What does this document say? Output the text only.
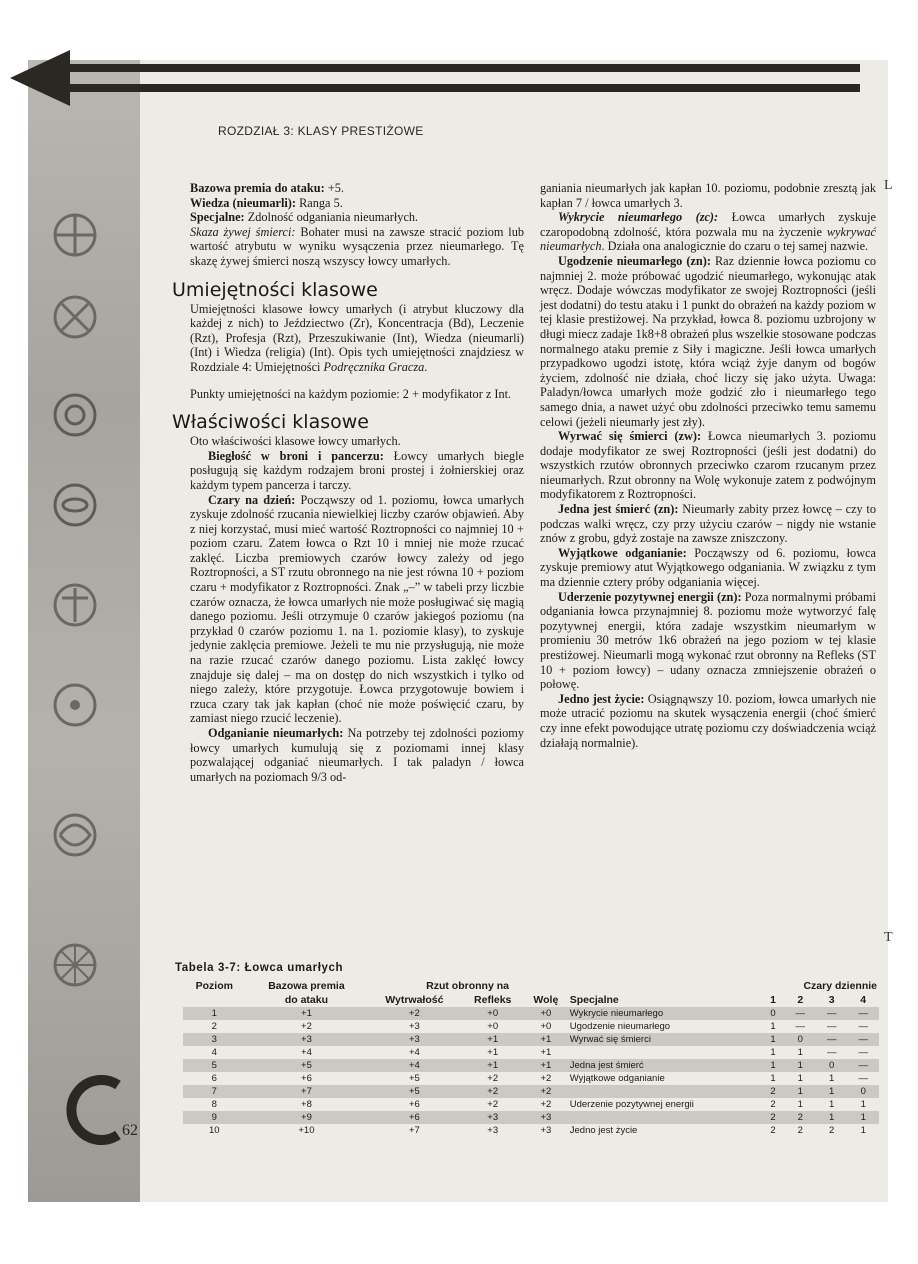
ROZDZIAŁ 3: KLASY PRESTIŻOWE

Bazowa premia do ataku: +5.

Wiedza (nieumarli): Ranga 5.

Specjalne: Zdolność odganiania nieumarłych.

Skaza żywej śmierci: Bohater musi na zawsze stracić poziom lub wartość atrybutu w wyniku wysączenia przez nieumarłego. Tę skazę żywej śmierci noszą wszyscy łowcy umarłych.

Umiejętności klasowe

Umiejętności klasowe łowcy umarłych (i atrybut kluczowy dla każdej z nich) to Jeździectwo (Zr), Koncentracja (Bd), Leczenie (Rzt), Profesja (Rzt), Przeszukiwanie (Int), Wiedza (nieumarli) (Int) i Wiedza (religia) (Int). Opis tych umiejętności znajdziesz w Rozdziale 4: Umiejętności Podręcznika Gracza.

Punkty umiejętności na każdym poziomie: 2 + modyfikator z Int.

Właściwości klasowe

Oto właściwości klasowe łowcy umarłych.

Biegłość w broni i pancerzu: Łowcy umarłych biegle posługują się każdym rodzajem broni prostej i żołnierskiej oraz każdym typem pancerza i tarczy.

Czary na dzień: Począwszy od 1. poziomu, łowca umarłych zyskuje zdolność rzucania niewielkiej liczby czarów objawień. Aby z niej korzystać, musi mieć wartość Roztropności co najmniej 10 + poziom czaru. Zatem łowca o Rzt 10 i mniej nie może rzucać zaklęć. Liczba premiowych czarów łowcy zależy od jego Roztropności, a ST rzutu obronnego na nie jest równa 10 + poziom czaru + modyfikator z Roztropności. Znak „–” w tabeli przy liczbie czarów oznacza, że łowca umarłych nie może posługiwać się magią danego poziomu. Jeśli otrzymuje 0 czarów jakiegoś poziomu (na przykład 0 czarów poziomu 1. na 1. poziomie klasy), to zyskuje jedynie zaklęcia premiowe. Jeżeli te mu nie przysługują, nie może na razie rzucać czarów danego poziomu. Lista zaklęć łowcy znajduje się dalej – ma on dostęp do nich wszystkich i tylko od niego zależy, które przygotuje. Łowca przygotowuje bowiem i rzuca czary tak jak kapłan (choć nie może poświęcić czaru, by zamiast niego rzucić leczenie).

Odganianie nieumarłych: Na potrzeby tej zdolności poziomy łowcy umarłych kumulują się z poziomami innej klasy pozwalającej odganiać nieumarłych. I tak paladyn / łowca umarłych na poziomach 9/3 od-

ganiania nieumarłych jak kapłan 10. poziomu, podobnie zresztą jak kapłan 7 / łowca umarłych 3.

Wykrycie nieumarłego (zc): Łowca umarłych zyskuje czaropodobną zdolność, która pozwala mu na życzenie wykrywać nieumarłych. Działa ona analogicznie do czaru o tej samej nazwie.

Ugodzenie nieumarłego (zn): Raz dziennie łowca poziomu co najmniej 2. może próbować ugodzić nieumarłego, wykonując atak wręcz. Dodaje wówczas modyfikator ze swojej Roztropności (jeśli jest dodatni) do testu ataku i 1 punkt do obrażeń na każdy poziom w tej klasie prestiżowej. Na przykład, łowca 8. poziomu uzbrojony w długi miecz zadaje 1k8+8 obrażeń plus wszelkie stosowane podczas normalnego ataku premie z Siły i magiczne. Jeśli łowca umarłych przypadkowo ugodzi istotę, która wciąż żyje danym od bogów życiem, zdolność nie działa, choć liczy się jako użyta. Uwaga: Paladyn/łowca umarłych może godzić zło i nieumarłego tego samego dnia, a nawet użyć obu zdolności przeciwko temu samemu celowi (jeżeli nieumarły jest zły).

Wyrwać się śmierci (zw): Łowca nieumarłych 3. poziomu dodaje modyfikator ze swej Roztropności (jeśli jest dodatni) do wszystkich rzutów obronnych przeciwko czarom rzucanym przez nieumarłych. Rzut obronny na Wolę wykonuje zatem z podwójnym modyfikatorem z Roztropności.

Jedna jest śmierć (zn): Nieumarły zabity przez łowcę – czy to podczas walki wręcz, czy przy użyciu czarów – nigdy nie wstanie znów z grobu, gdyż zostaje na zawsze zniszczony.

Wyjątkowe odganianie: Począwszy od 6. poziomu, łowca zyskuje premiowy atut Wyjątkowego odganiania. W związku z tym ma dziennie cztery próby odganiania więcej.

Uderzenie pozytywnej energii (zn): Poza normalnymi próbami odganiania łowca przynajmniej 8. poziomu może wytworzyć falę pozytywnej energii, która zadaje wszystkim nieumarłym w promieniu 30 metrów 1k6 obrażeń na jego poziom w tej klasie prestiżowej. Nieumarli mogą wykonać rzut obronny na Refleks (ST 10 + poziom łowcy) – udany oznacza zmniejszenie obrażeń o połowę.

Jedno jest życie: Osiągnąwszy 10. poziom, łowca umarłych nie może utracić poziomu na skutek wysączenia energii (choć śmierć czy inne efekt powodujące utratę poziomu czy doświadczenia wciąż działają normalnie).

Tabela 3-7: Łowca umarłych
Poziom	Bazowa premia	Rzut obronny na				Czary dziennie			
	do ataku	Wytrwałość	Refleks	Wolę	Specjalne	1	2	3	4
1	+1	+2	+0	+0	Wykrycie nieumarłego	0	—	—	—
2	+2	+3	+0	+0	Ugodzenie nieumarłego	1	—	—	—
3	+3	+3	+1	+1	Wyrwać się śmierci	1	0	—	—
4	+4	+4	+1	+1		1	1	—	—
5	+5	+4	+1	+1	Jedna jest śmierć	1	1	0	—
6	+6	+5	+2	+2	Wyjątkowe odganianie	1	1	1	—
7	+7	+5	+2	+2		2	1	1	0
8	+8	+6	+2	+2	Uderzenie pozytywnej energii	2	1	1	1
9	+9	+6	+3	+3		2	2	1	1
10	+10	+7	+3	+3	Jedno jest życie	2	2	2	1
62
L
T
